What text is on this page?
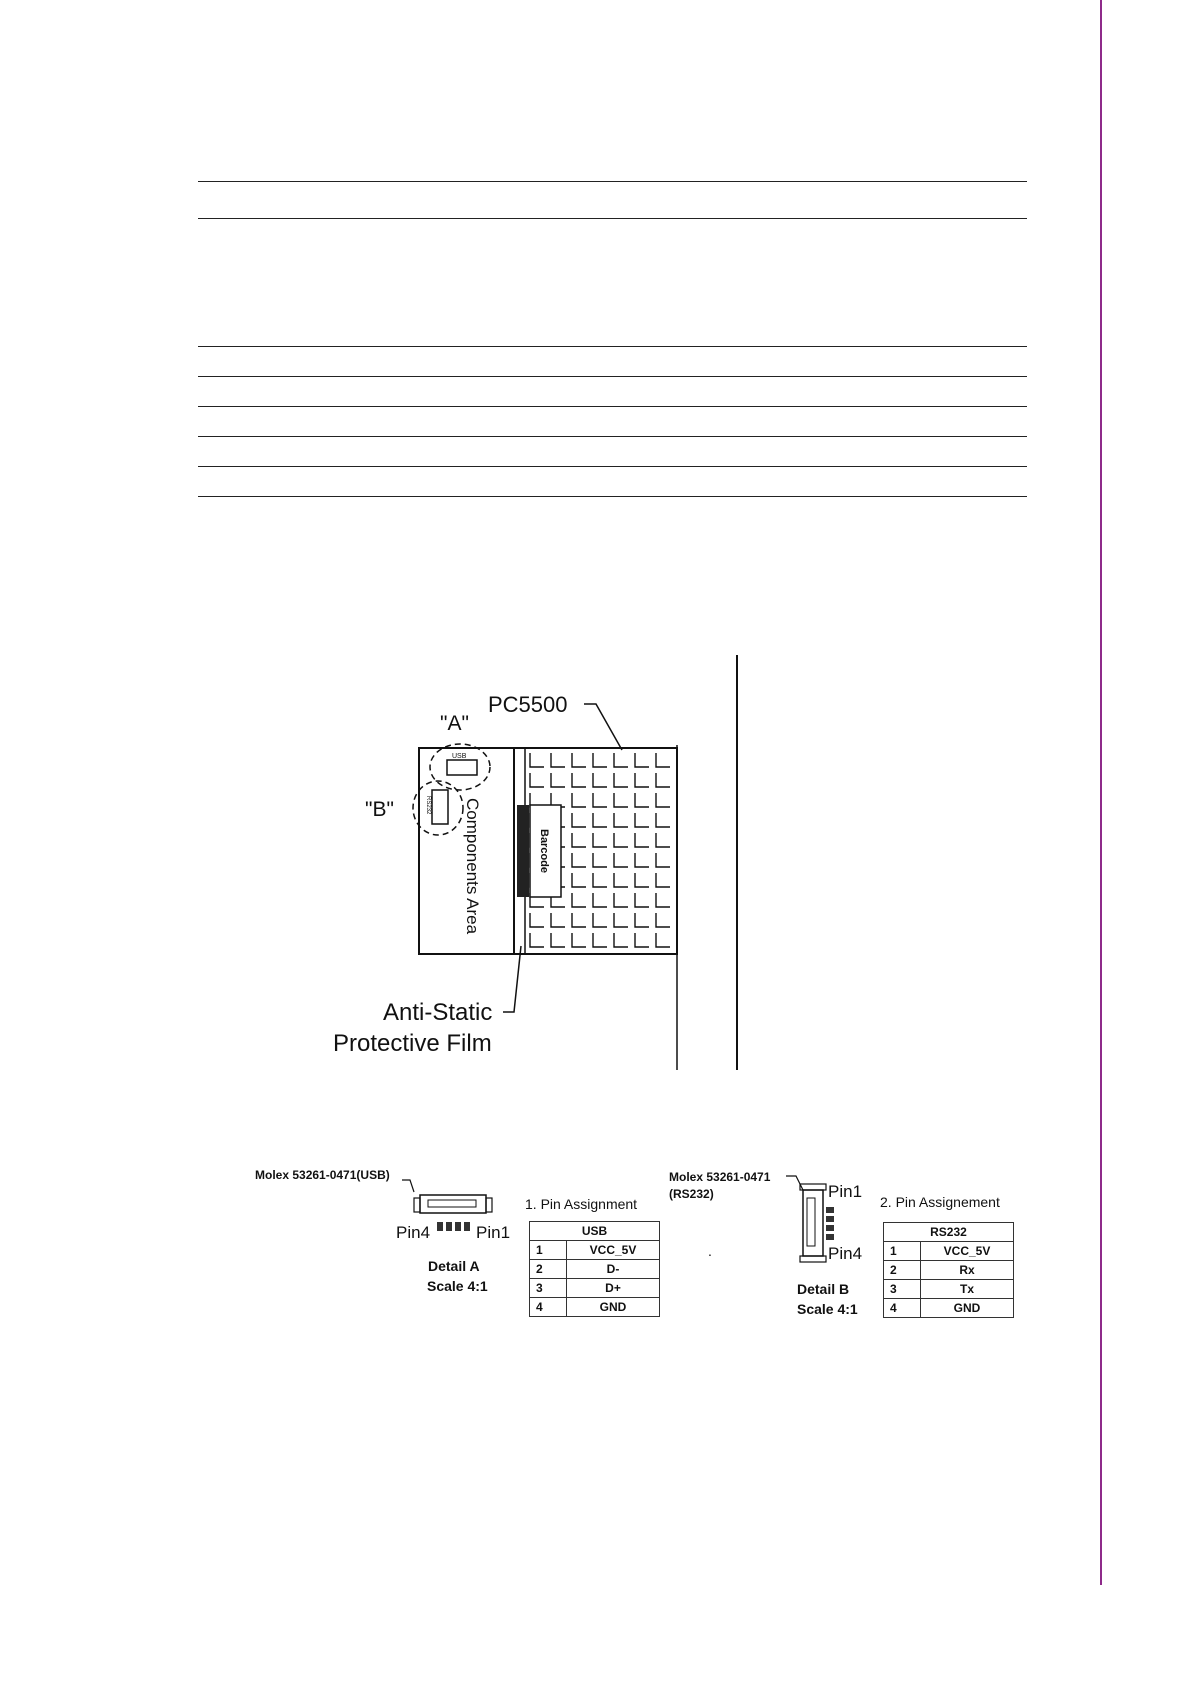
Barcode
USB
"A"
RS232
"B"	Components Area
PC5500
Anti-Static
Protective Film
Molex 53261-0471(USB)
Pin4	Pin1
Detail A
Scale 4:1
1. Pin Assignment
USB	
1	VCC_5V
2	D-
3	D+
4	GND
.
Molex 53261-0471
(RS232)	Pin1
Pin4
Detail B
Scale 4:1
2. Pin Assignement
RS232	
1	VCC_5V
2	Rx
3	Tx
4	GND
